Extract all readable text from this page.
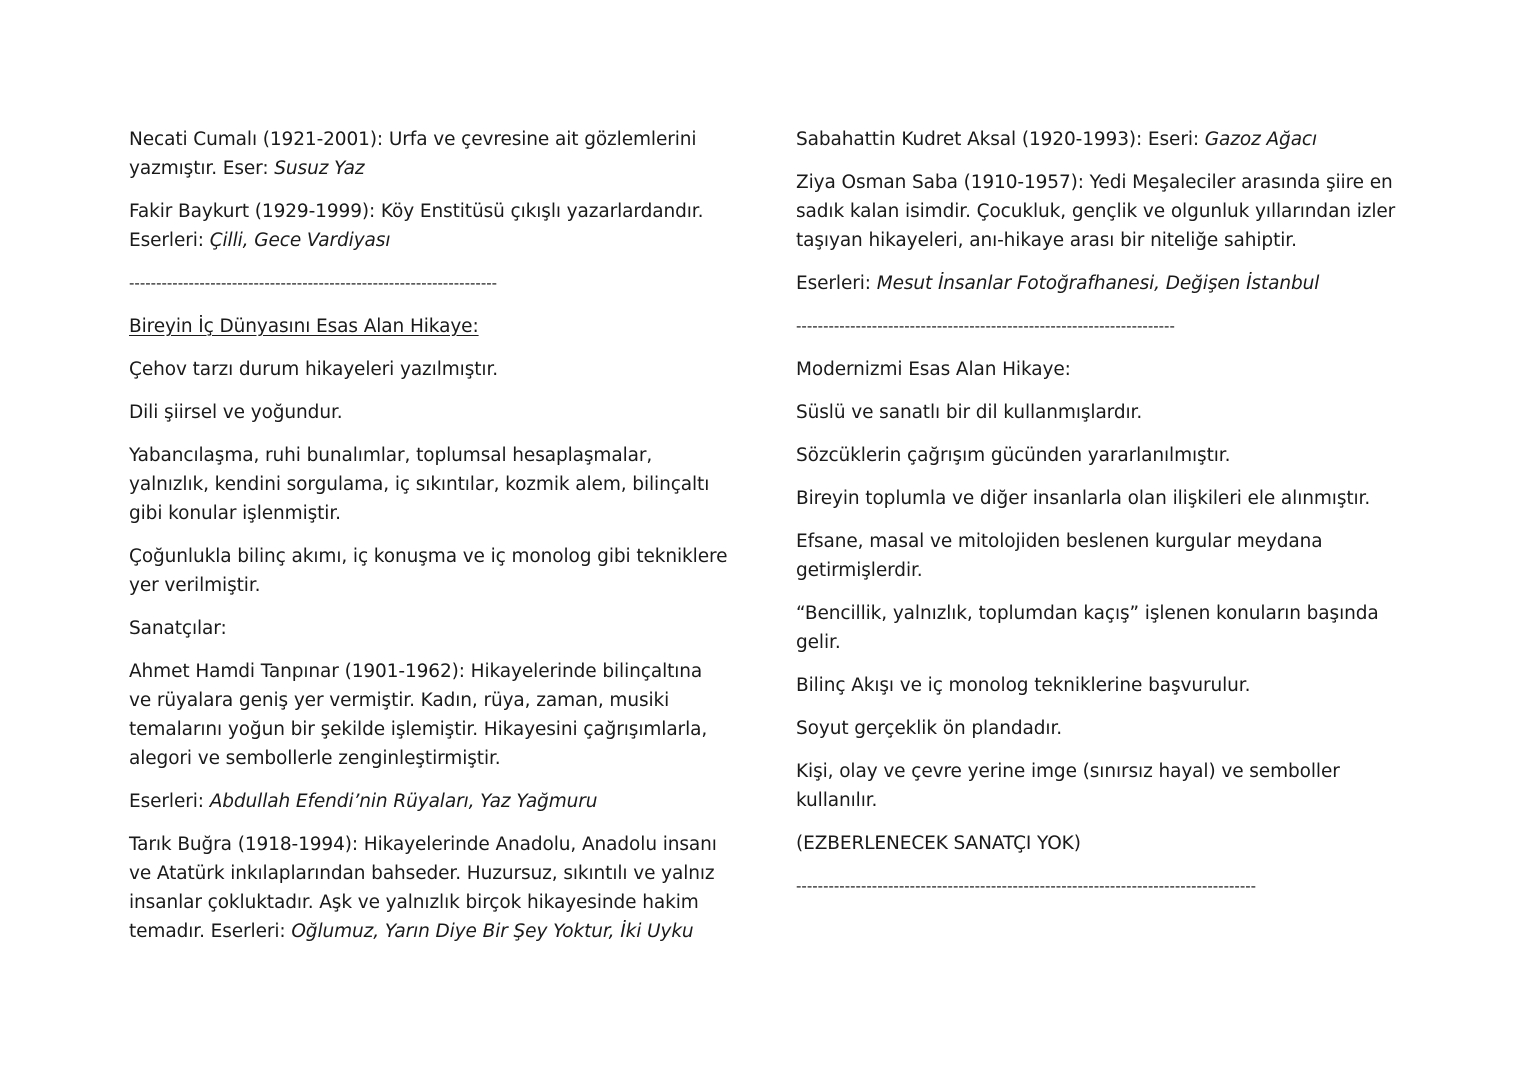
Necati Cumalı (1921-2001): Urfa ve çevresine ait gözlemlerini yazmıştır. Eser: Susuz Yaz

Fakir Baykurt (1929-1999): Köy Enstitüsü çıkışlı yazarlardandır. Eserleri: Çilli, Gece Vardiyası

--------------------------------------------------------------------

Bireyin İç Dünyasını Esas Alan Hikaye:

Çehov tarzı durum hikayeleri yazılmıştır.

Dili şiirsel ve yoğundur.

Yabancılaşma, ruhi bunalımlar, toplumsal hesaplaşmalar, yalnızlık, kendini sorgulama, iç sıkıntılar, kozmik alem, bilinçaltı gibi konular işlenmiştir.

Çoğunlukla bilinç akımı, iç konuşma ve iç monolog gibi tekniklere yer verilmiştir.

Sanatçılar:

Ahmet Hamdi Tanpınar (1901-1962): Hikayelerinde bilinçaltına ve rüyalara geniş yer vermiştir. Kadın, rüya, zaman, musiki temalarını yoğun bir şekilde işlemiştir. Hikayesini çağrışımlarla, alegori ve sembollerle zenginleştirmiştir.

Eserleri: Abdullah Efendi’nin Rüyaları, Yaz Yağmuru

Tarık Buğra (1918-1994): Hikayelerinde Anadolu, Anadolu insanı ve Atatürk inkılaplarından bahseder. Huzursuz, sıkıntılı ve yalnız insanlar çokluktadır. Aşk ve yalnızlık birçok hikayesinde hakim temadır. Eserleri: Oğlumuz, Yarın Diye Bir Şey Yoktur, İki Uyku

Sabahattin Kudret Aksal (1920-1993): Eseri: Gazoz Ağacı

Ziya Osman Saba (1910-1957): Yedi Meşaleciler arasında şiire en sadık kalan isimdir. Çocukluk, gençlik ve olgunluk yıllarından izler taşıyan hikayeleri, anı-hikaye arası bir niteliğe sahiptir.

Eserleri: Mesut İnsanlar Fotoğrafhanesi, Değişen İstanbul

----------------------------------------------------------------------

Modernizmi Esas Alan Hikaye:

Süslü ve sanatlı bir dil kullanmışlardır.

Sözcüklerin çağrışım gücünden yararlanılmıştır.

Bireyin toplumla ve diğer insanlarla olan ilişkileri ele alınmıştır.

Efsane, masal ve mitolojiden beslenen kurgular meydana getirmişlerdir.

“Bencillik, yalnızlık, toplumdan kaçış” işlenen konuların başında gelir.

Bilinç Akışı ve iç monolog tekniklerine başvurulur.

Soyut gerçeklik ön plandadır.

Kişi, olay ve çevre yerine imge (sınırsız hayal) ve semboller kullanılır.

(EZBERLENECEK SANATÇI YOK)

-------------------------------------------------------------------------------------
